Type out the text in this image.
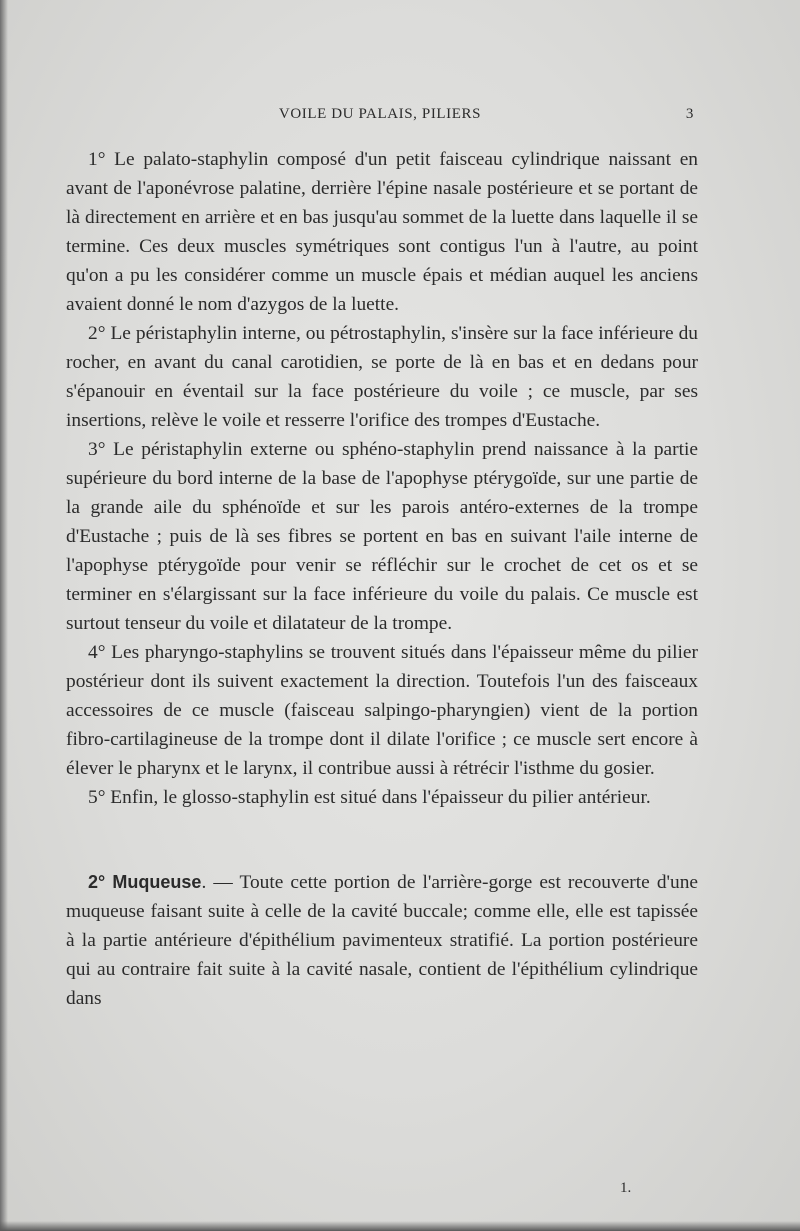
VOILE DU PALAIS, PILIERS	3

1° Le palato-staphylin composé d'un petit faisceau cylindrique naissant en avant de l'aponévrose palatine, derrière l'épine nasale postérieure et se portant de là directement en arrière et en bas jusqu'au sommet de la luette dans laquelle il se termine. Ces deux muscles symétriques sont contigus l'un à l'autre, au point qu'on a pu les considérer comme un muscle épais et médian auquel les anciens avaient donné le nom d'azygos de la luette.

2° Le péristaphylin interne, ou pétrostaphylin, s'insère sur la face inférieure du rocher, en avant du canal carotidien, se porte de là en bas et en dedans pour s'épanouir en éventail sur la face postérieure du voile ; ce muscle, par ses insertions, relève le voile et resserre l'orifice des trompes d'Eustache.

3° Le péristaphylin externe ou sphéno-staphylin prend naissance à la partie supérieure du bord interne de la base de l'apophyse ptérygoïde, sur une partie de la grande aile du sphénoïde et sur les parois antéro-externes de la trompe d'Eustache ; puis de là ses fibres se portent en bas en suivant l'aile interne de l'apophyse ptérygoïde pour venir se réfléchir sur le crochet de cet os et se terminer en s'élargissant sur la face inférieure du voile du palais. Ce muscle est surtout tenseur du voile et dilatateur de la trompe.

4° Les pharyngo-staphylins se trouvent situés dans l'épaisseur même du pilier postérieur dont ils suivent exactement la direction. Toutefois l'un des faisceaux accessoires de ce muscle (faisceau salpingo-pharyngien) vient de la portion fibro-cartilagineuse de la trompe dont il dilate l'orifice ; ce muscle sert encore à élever le pharynx et le larynx, il contribue aussi à rétrécir l'isthme du gosier.

5° Enfin, le glosso-staphylin est situé dans l'épaisseur du pilier antérieur.

2° Muqueuse. — Toute cette portion de l'arrière-gorge est recouverte d'une muqueuse faisant suite à celle de la cavité buccale; comme elle, elle est tapissée à la partie antérieure d'épithélium pavimenteux stratifié. La portion postérieure qui au contraire fait suite à la cavité nasale, contient de l'épithélium cylindrique dans

1.
